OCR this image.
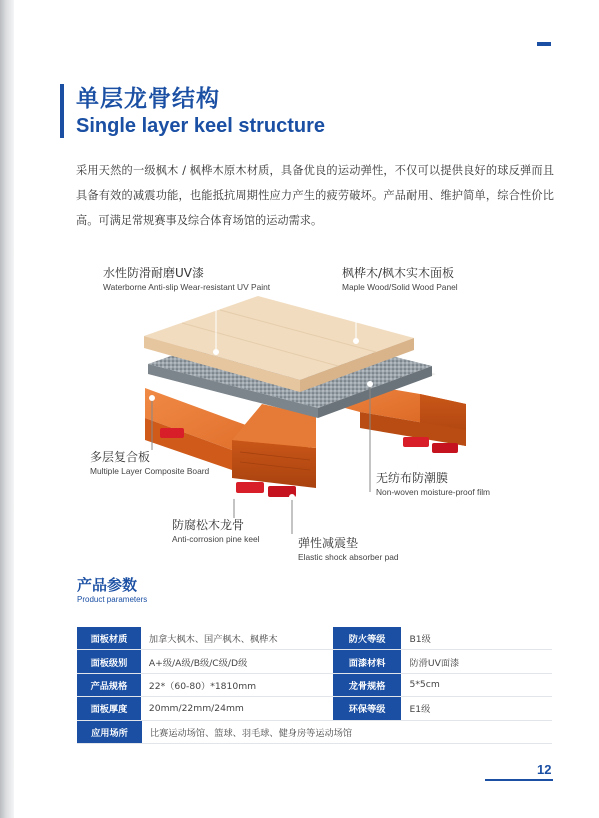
单层龙骨结构
Single layer keel structure
采用天然的一级枫木 / 枫桦木原木材质，具备优良的运动弹性，不仅可以提供良好的球反弹而且具备有效的减震功能，也能抵抗周期性应力产生的疲劳破坏。产品耐用、维护简单，综合性价比高。可满足常规赛事及综合体育场馆的运动需求。
水性防滑耐磨UV漆
Waterborne Anti-slip Wear-resistant UV Paint
枫桦木/枫木实木面板
Maple Wood/Solid Wood Panel
多层复合板
Multiple Layer Composite Board	无纺布防潮膜
Non-woven moisture-proof film
防腐松木龙骨
Anti-corrosion pine keel	弹性减震垫
Elastic shock absorber pad
产品参数
Product parameters
面板材质	加拿大枫木、国产枫木、枫桦木	防火等级	B1级
面板级别	A+级/A级/B级/C级/D级	面漆材料	防滑UV面漆
产品规格	22*（60-80）*1810mm	龙骨规格	5*5cm
面板厚度	20mm/22mm/24mm	环保等级	E1级
应用场所	比赛运动场馆、篮球、羽毛球、健身房等运动场馆
12
